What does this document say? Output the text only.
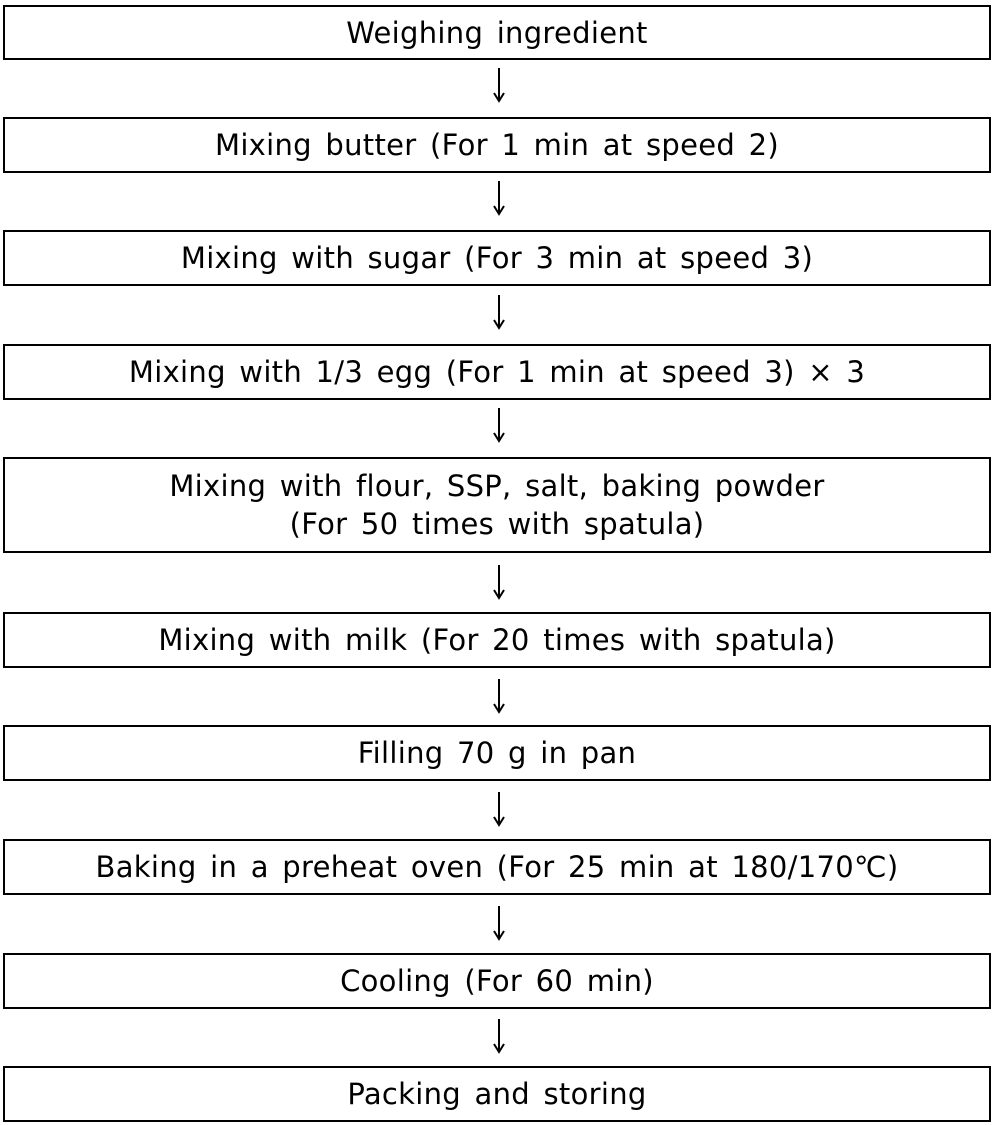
Weighing ingredient
Mixing butter (For 1 min at speed 2)
Mixing with sugar (For 3 min at speed 3)
Mixing with 1/3 egg (For 1 min at speed 3) × 3
Mixing with flour, SSP, salt, baking powder
(For 50 times with spatula)
Mixing with milk (For 20 times with spatula)
Filling 70 g in pan
Baking in a preheat oven (For 25 min at 180/170℃)
Cooling (For 60 min)
Packing and storing
